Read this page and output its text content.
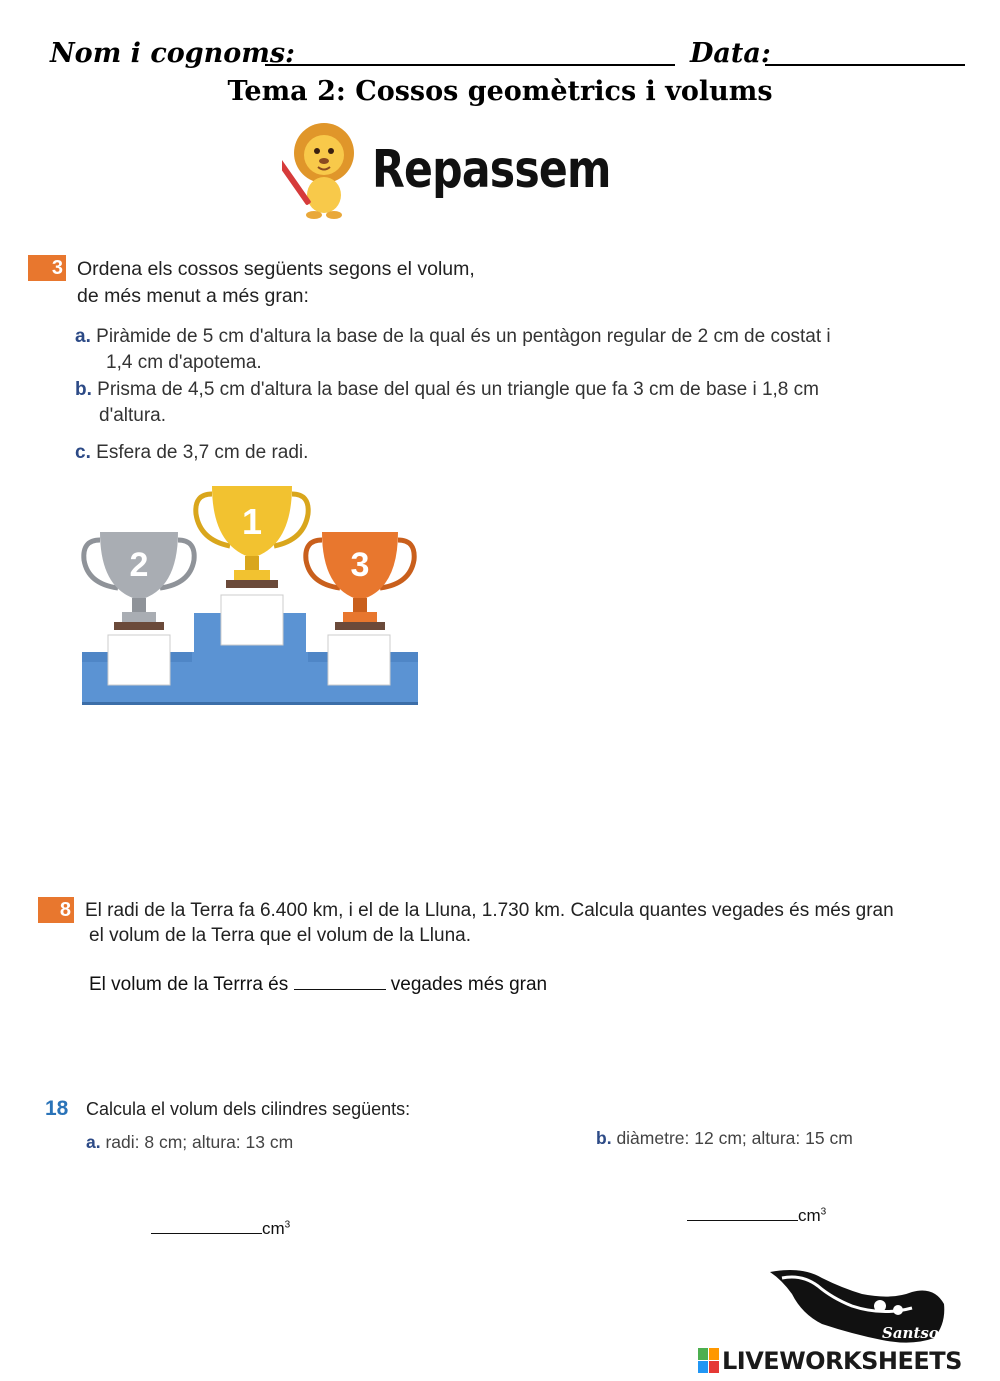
Nom i cognoms:	Data:
Tema 2: Cossos geomètrics i volums
Repassem
3 Ordena els cossos següents segons el volum,
de més menut a més gran:
a. Piràmide de 5 cm d'altura la base de la qual és un pentàgon regular de 2 cm de costat i
1,4 cm d'apotema.
b. Prisma de 4,5 cm d'altura la base del qual és un triangle que fa 3 cm de base i 1,8 cm
d'altura.
c. Esfera de 3,7 cm de radi.
2
1
3
8 El radi de la Terra fa 6.400 km, i el de la Lluna, 1.730 km. Calcula quantes vegades és més gran
el volum de la Terra que el volum de la Lluna.
El volum de la Terrra és	vegades més gran
18 Calcula el volum dels cilindres següents:
a. radi: 8 cm; altura: 13 cm	b. diàmetre: 12 cm; altura: 15 cm
$cm^3$	$cm^3$
Santso
LIVEWORKSHEETS
